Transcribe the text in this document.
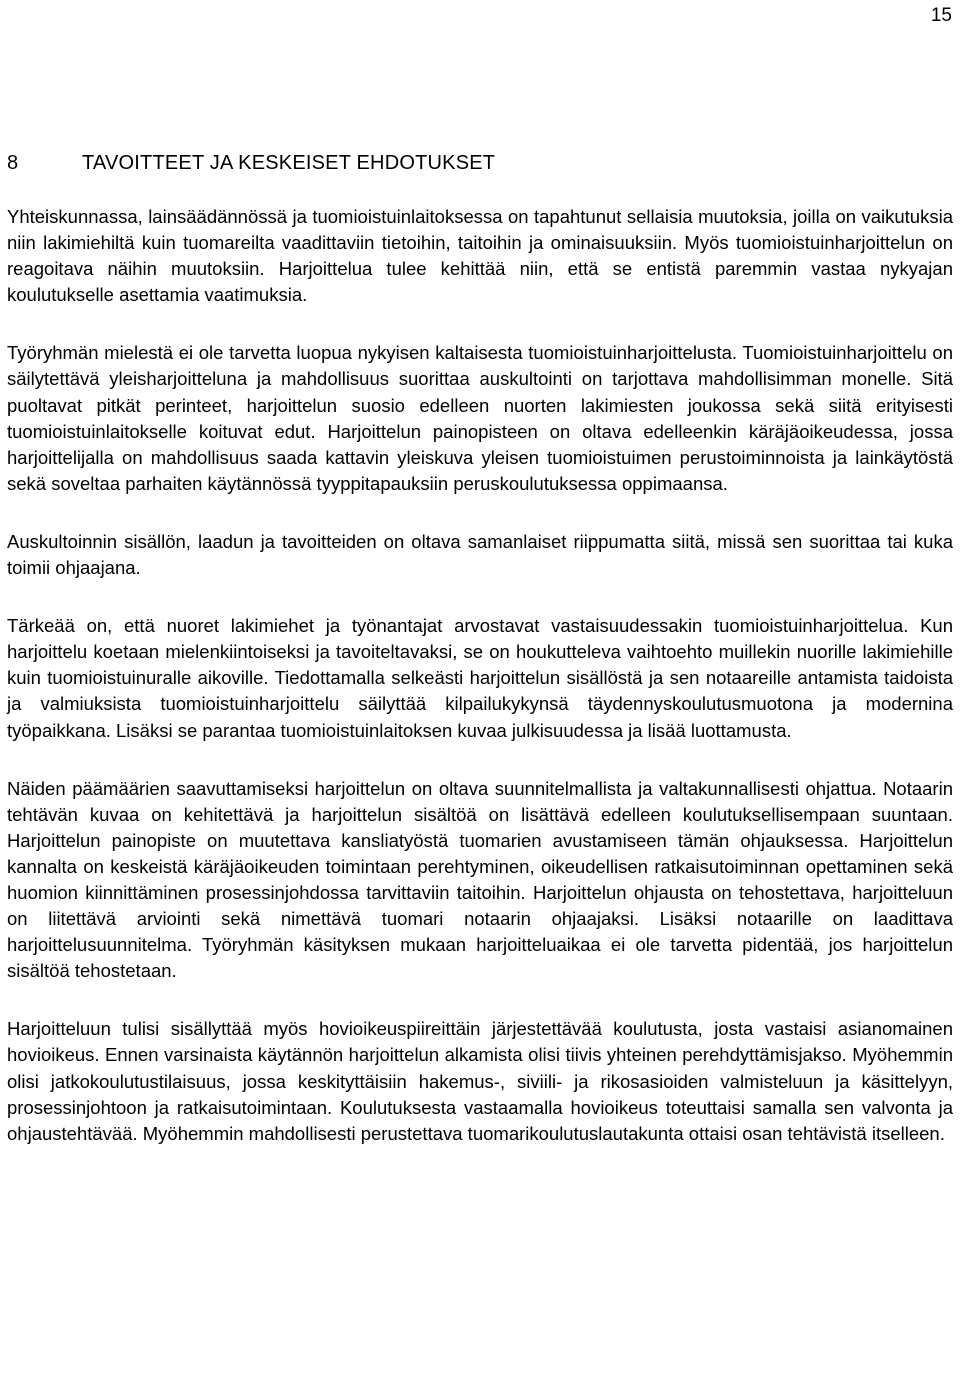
15
8	TAVOITTEET JA KESKEISET EHDOTUKSET

Yhteiskunnassa, lainsäädännössä ja tuomioistuinlaitoksessa on tapahtunut sellaisia muutoksia, joilla on vaikutuksia niin lakimiehiltä kuin tuomareilta vaadittaviin tietoihin, taitoihin ja ominaisuuksiin. Myös tuomioistuinharjoittelun on reagoitava näihin muutoksiin. Harjoittelua tulee kehittää niin, että se entistä paremmin vastaa nykyajan koulutukselle asettamia vaatimuksia.

Työryhmän mielestä ei ole tarvetta luopua nykyisen kaltaisesta tuomioistuinharjoittelusta. Tuomioistuinharjoittelu on säilytettävä yleisharjoitteluna ja mahdollisuus suorittaa auskultointi on tarjottava mahdollisimman monelle. Sitä puoltavat pitkät perinteet, harjoittelun suosio edelleen nuorten lakimiesten joukossa sekä siitä erityisesti tuomioistuinlaitokselle koituvat edut. Harjoittelun painopisteen on oltava edelleenkin käräjäoikeudessa, jossa harjoittelijalla on mahdollisuus saada kattavin yleiskuva yleisen tuomioistuimen perustoiminnoista ja lainkäytöstä sekä soveltaa parhaiten käytännössä tyyppitapauksiin peruskoulutuksessa oppimaansa.

Auskultoinnin sisällön, laadun ja tavoitteiden on oltava samanlaiset riippumatta siitä, missä sen suorittaa tai kuka toimii ohjaajana.

Tärkeää on, että nuoret lakimiehet ja työnantajat arvostavat vastaisuudessakin tuomioistuinharjoittelua. Kun harjoittelu koetaan mielenkiintoiseksi ja tavoiteltavaksi, se on houkutteleva vaihtoehto muillekin nuorille lakimiehille kuin tuomioistuinuralle aikoville. Tiedottamalla selkeästi harjoittelun sisällöstä ja sen notaareille antamista taidoista ja valmiuksista tuomioistuinharjoittelu säilyttää kilpailukykynsä täydennyskoulutusmuotona ja modernina työpaikkana. Lisäksi se parantaa tuomioistuinlaitoksen kuvaa julkisuudessa ja lisää luottamusta.

Näiden päämäärien saavuttamiseksi harjoittelun on oltava suunnitelmallista ja valtakunnallisesti ohjattua. Notaarin tehtävän kuvaa on kehitettävä ja harjoittelun sisältöä on lisättävä edelleen koulutuksellisempaan suuntaan. Harjoittelun painopiste on muutettava kansliatyöstä tuomarien avustamiseen tämän ohjauksessa. Harjoittelun kannalta on keskeistä käräjäoikeuden toimintaan perehtyminen, oikeudellisen ratkaisutoiminnan opettaminen sekä huomion kiinnittäminen prosessinjohdossa tarvittaviin taitoihin. Harjoittelun ohjausta on tehostettava, harjoitteluun on liitettävä arviointi sekä nimettävä tuomari notaarin ohjaajaksi. Lisäksi notaarille on laadittava harjoittelusuunnitelma. Työryhmän käsityksen mukaan harjoitteluaikaa ei ole tarvetta pidentää, jos harjoittelun sisältöä tehostetaan.

Harjoitteluun tulisi sisällyttää myös hovioikeuspiireittäin järjestettävää koulutusta, josta vastaisi asianomainen hovioikeus. Ennen varsinaista käytännön harjoittelun alkamista olisi tiivis yhteinen perehdyttämisjakso. Myöhemmin olisi jatkokoulutustilaisuus, jossa keskityttäisiin hakemus-, siviili- ja rikosasioiden valmisteluun ja käsittelyyn, prosessinjohtoon ja ratkaisutoimintaan. Koulutuksesta vastaamalla hovioikeus toteuttaisi samalla sen valvonta ja ohjaustehtävää. Myöhemmin mahdollisesti perustettava tuomarikoulutuslautakunta ottaisi osan tehtävistä itselleen.
